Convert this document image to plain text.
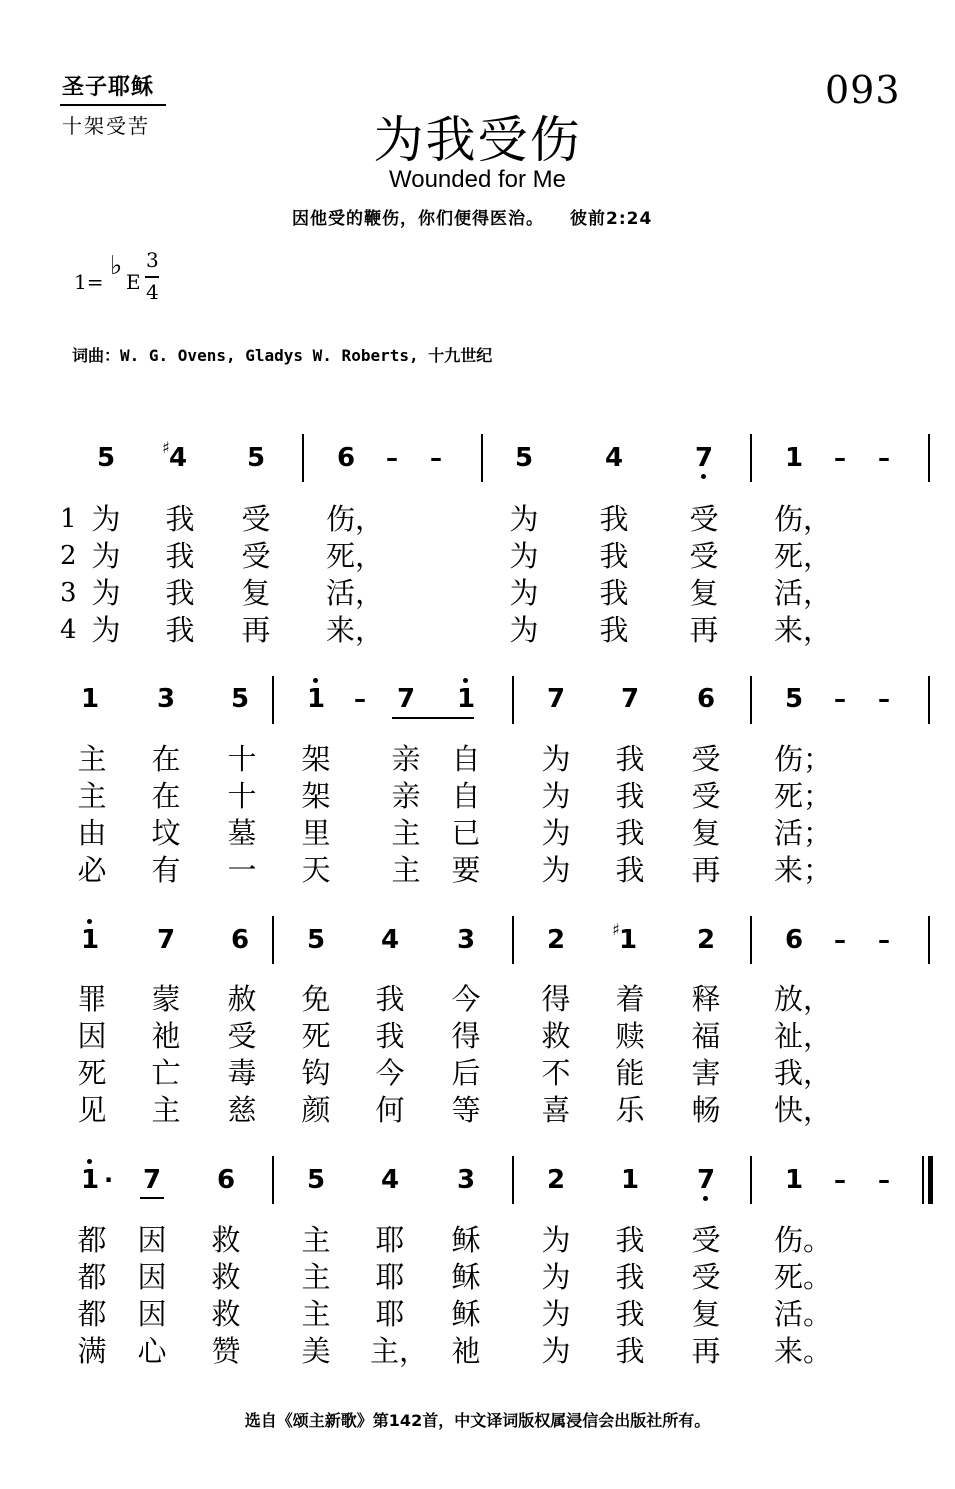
圣子耶稣
十架受苦
093
为我受伤
Wounded for Me
因他受的鞭伤，你们便得医治。 彼前2:24
1=
♭
E
3
4
词曲：W. G. Ovens, Gladys W. Roberts, 十九世纪
5	♯ 4	5	6	– –	5	4	7	1	– –
1
2
3
4
为 我 受 伤，	为 我 受 伤，
为 我 受 死，	为 我 受 死，
为 我 复 活，	为 我 复 活，
为 我 再 来，	为 我 再 来，
1	3	5	1	–	7	1	7	7	6	5	– –
主 在 十 架 亲 自 为 我 受 伤；
主 在 十 架 亲 自 为 我 受 死；
由 坟 墓 里 主 已 为 我 复 活；
必 有 一 天 主 要 为 我 再 来；
1	7	6	5	4	3	2	♯ 1	2	6	– –
罪 蒙 赦 免 我 今 得 着 释 放，
因 祂 受 死 我 得 救 赎 福 祉，
死 亡 毒 钩 今 后 不 能 害 我，
见 主 慈 颜 何 等 喜 乐 畅 快，
1 ·	7	6	5	4	3	2	1	7	1	– –
都 因 救 主 耶 稣 为 我 受 伤。
都 因 救 主 耶 稣 为 我 受 死。
都 因 救 主 耶 稣 为 我 复 活。
满 心 赞 美 主， 祂 为 我 再 来。
选自《颂主新歌》第142首，中文译词版权属浸信会出版社所有。
